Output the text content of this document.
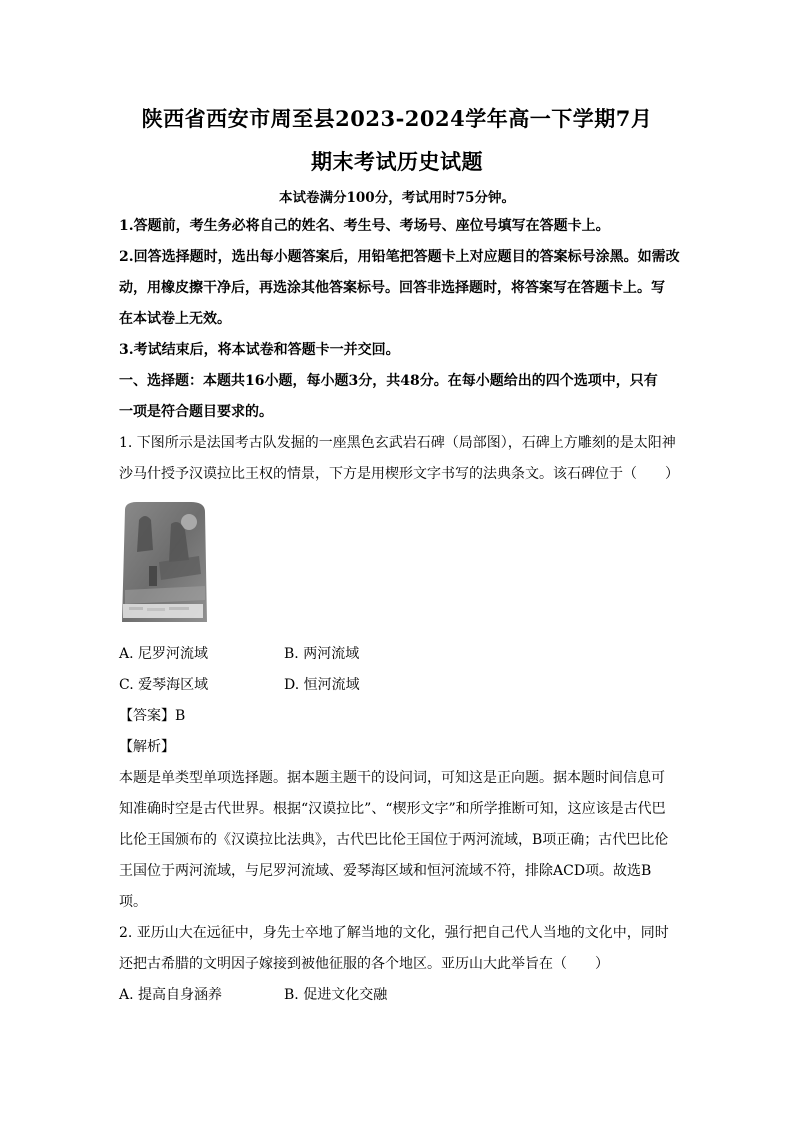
陕西省西安市周至县2023-2024学年高一下学期7月
期末考试历史试题
本试卷满分100分，考试用时75分钟。
1.答题前，考生务必将自己的姓名、考生号、考场号、座位号填写在答题卡上。
2.回答选择题时，选出每小题答案后，用铅笔把答题卡上对应题目的答案标号涂黑。如需改
动，用橡皮擦干净后，再选涂其他答案标号。回答非选择题时，将答案写在答题卡上。写
在本试卷上无效。
3.考试结束后，将本试卷和答题卡一并交回。
一、选择题：本题共16小题，每小题3分，共48分。在每小题给出的四个选项中，只有
一项是符合题目要求的。
1. 下图所示是法国考古队发掘的一座黑色玄武岩石碑（局部图），石碑上方雕刻的是太阳神
沙马什授予汉谟拉比王权的情景，下方是用楔形文字书写的法典条文。该石碑位于（　　）
A. 尼罗河流域	B. 两河流域
C. 爱琴海区域	D. 恒河流域
【答案】B
【解析】
本题是单类型单项选择题。据本题主题干的设问词，可知这是正向题。据本题时间信息可
知准确时空是古代世界。根据“汉谟拉比”、“楔形文字”和所学推断可知，这应该是古代巴
比伦王国颁布的《汉谟拉比法典》，古代巴比伦王国位于两河流域，B项正确；古代巴比伦
王国位于两河流域，与尼罗河流域、爱琴海区域和恒河流域不符，排除ACD项。故选B
项。
2. 亚历山大在远征中，身先士卒地了解当地的文化，强行把自己代人当地的文化中，同时
还把古希腊的文明因子嫁接到被他征服的各个地区。亚历山大此举旨在（　　）
A. 提高自身涵养	B. 促进文化交融
